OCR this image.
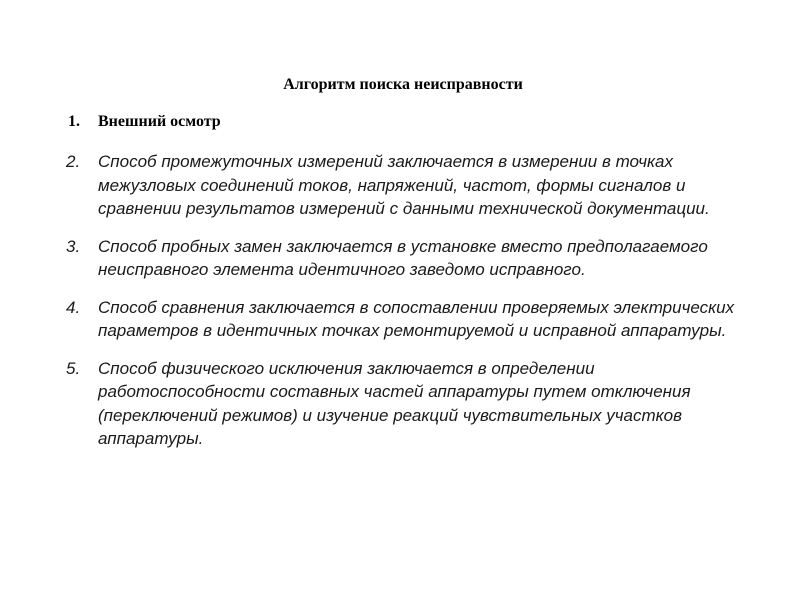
Алгоритм поиска неисправности
1. Внешний осмотр
2. Способ промежуточных измерений заключается в измерении в точках межузловых соединений токов, напряжений, частот, формы сигналов и сравнении результатов измерений с данными технической документации.
3. Способ пробных замен заключается в установке вместо предполагаемого неисправного элемента идентичного заведомо исправного.
4. Способ сравнения заключается в сопоставлении проверяемых электрических параметров в идентичных точках ремонтируемой и исправной аппаратуры.
5. Способ физического исключения заключается в определении работоспособности составных частей аппаратуры путем отключения (переключений режимов) и изучение реакций чувствительных участков аппаратуры.
